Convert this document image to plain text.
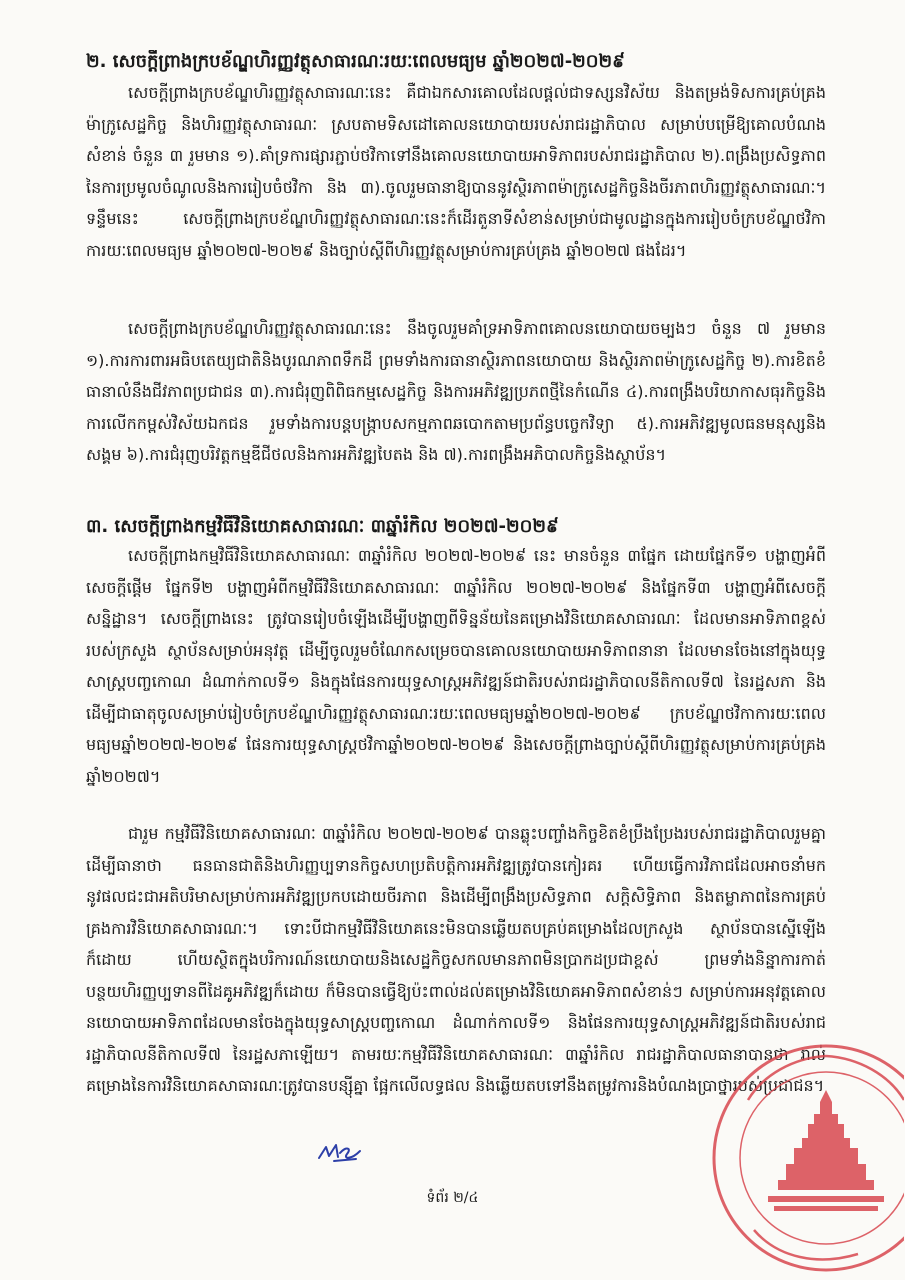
២. សេចក្ដីព្រាងក្របខ័ណ្ឌហិរញ្ញវត្ថុសាធារណៈរយៈពេលមធ្យម ឆ្នាំ២០២៧-២០២៩
សេចក្ដីព្រាងក្របខ័ណ្ឌហិរញ្ញវត្ថុសាធារណៈនេះ គឺជាឯកសារគោលដែលផ្ដល់ជាទស្សនវិស័យ និងតម្រង់ទិសការគ្រប់គ្រងម៉ាក្រូសេដ្ឋកិច្ច និងហិរញ្ញវត្ថុសាធារណៈ ស្របតាមទិសដៅគោលនយោបាយរបស់រាជរដ្ឋាភិបាល សម្រាប់បម្រើឱ្យគោលបំណងសំខាន់ ចំនួន ៣ រួមមាន ១).គាំទ្រការផ្សារភ្ជាប់ថវិកាទៅនឹងគោលនយោបាយអាទិភាពរបស់រាជរដ្ឋាភិបាល ២).ពង្រឹងប្រសិទ្ធភាពនៃការប្រមូលចំណូលនិងការរៀបចំថវិកា និង ៣).ចូលរួមធានាឱ្យបាននូវស្ថិរភាពម៉ាក្រូសេដ្ឋកិច្ចនិងចីរភាពហិរញ្ញវត្ថុសាធារណៈ។ ទន្ទឹមនេះ សេចក្ដីព្រាងក្របខ័ណ្ឌហិរញ្ញវត្ថុសាធារណៈនេះក៏ដើរតួនាទីសំខាន់សម្រាប់ជាមូលដ្ឋានក្នុងការរៀបចំក្របខ័ណ្ឌថវិកាការយៈពេលមធ្យម ឆ្នាំ២០២៧-២០២៩ និងច្បាប់ស្ដីពីហិរញ្ញវត្ថុសម្រាប់ការគ្រប់គ្រង ឆ្នាំ២០២៧ ផងដែរ។
សេចក្ដីព្រាងក្របខ័ណ្ឌហិរញ្ញវត្ថុសាធារណៈនេះ នឹងចូលរួមគាំទ្រអាទិភាពគោលនយោបាយចម្បងៗ ចំនួន ៧ រួមមាន ១).ការការពារអធិបតេយ្យជាតិនិងបូរណភាពទឹកដី ព្រមទាំងការធានាស្ថិរភាពនយោបាយ និងស្ថិរភាពម៉ាក្រូសេដ្ឋកិច្ច ២).ការខិតខំធានាលំនឹងជីវភាពប្រជាជន ៣).ការជំរុញពិពិធកម្មសេដ្ឋកិច្ច និងការអភិវឌ្ឍប្រភពថ្មីនៃកំណើន ៤).ការពង្រឹងបរិយាកាសធុរកិច្ចនិងការលើកកម្ពស់វិស័យឯកជន រួមទាំងការបន្តបង្ក្រាបសកម្មភាពឆបោកតាមប្រព័ន្ធបច្ចេកវិទ្យា ៥).ការអភិវឌ្ឍមូលធនមនុស្សនិងសង្គម ៦).ការជំរុញបរិវត្តកម្មឌីជីថលនិងការអភិវឌ្ឍបៃតង និង ៧).ការពង្រឹងអភិបាលកិច្ចនិងស្ថាប័ន។
៣. សេចក្ដីព្រាងកម្មវិធីវិនិយោគសាធារណៈ ៣ឆ្នាំរំកិល ២០២៧-២០២៩
សេចក្ដីព្រាងកម្មវិធីវិនិយោគសាធារណៈ ៣ឆ្នាំរំកិល ២០២៧-២០២៩ នេះ មានចំនួន ៣ផ្នែក ដោយផ្នែកទី១ បង្ហាញអំពីសេចក្ដីផ្ដើម ផ្នែកទី២ បង្ហាញអំពីកម្មវិធីវិនិយោគសាធារណៈ ៣ឆ្នាំរំកិល ២០២៧-២០២៩ និងផ្នែកទី៣ បង្ហាញអំពីសេចក្ដីសន្និដ្ឋាន។ សេចក្ដីព្រាងនេះ ត្រូវបានរៀបចំឡើងដើម្បីបង្ហាញពីទិន្នន័យនៃគម្រោងវិនិយោគសាធារណៈ ដែលមានអាទិភាពខ្ពស់របស់ក្រសួង ស្ថាប័នសម្រាប់អនុវត្ត ដើម្បីចូលរួមចំណែកសម្រេចបានគោលនយោបាយអាទិភាពនានា ដែលមានចែងនៅក្នុងយុទ្ធសាស្ត្របញ្ចកោណ ដំណាក់កាលទី១ និងក្នុងផែនការយុទ្ធសាស្ត្រអភិវឌ្ឍន៍ជាតិរបស់រាជរដ្ឋាភិបាលនីតិកាលទី៧ នៃរដ្ឋសភា និងដើម្បីជាធាតុចូលសម្រាប់រៀបចំក្របខ័ណ្ឌហិរញ្ញវត្ថុសាធារណៈរយៈពេលមធ្យមឆ្នាំ២០២៧-២០២៩ ក្របខ័ណ្ឌថវិកាការយៈពេលមធ្យមឆ្នាំ២០២៧-២០២៩ ផែនការយុទ្ធសាស្ត្រថវិកាឆ្នាំ២០២៧-២០២៩ និងសេចក្ដីព្រាងច្បាប់ស្ដីពីហិរញ្ញវត្ថុសម្រាប់ការគ្រប់គ្រងឆ្នាំ២០២៧។
ជារួម កម្មវិធីវិនិយោគសាធារណៈ ៣ឆ្នាំរំកិល ២០២៧-២០២៩ បានឆ្លុះបញ្ចាំងកិច្ចខិតខំប្រឹងប្រែងរបស់រាជរដ្ឋាភិបាលរួមគ្នា ដើម្បីធានាថា ធនធានជាតិនិងហិរញ្ញប្បទានកិច្ចសហប្រតិបត្តិការអភិវឌ្ឍត្រូវបានកៀរគរ ហើយធ្វើការវិភាជដែលអាចនាំមកនូវផលជះជាអតិបរិមាសម្រាប់ការអភិវឌ្ឍប្រកបដោយចីរភាព និងដើម្បីពង្រឹងប្រសិទ្ធភាព សក្តិសិទ្ធិភាព និងតម្លាភាពនៃការគ្រប់គ្រងការវិនិយោគសាធារណៈ។ ទោះបីជាកម្មវិធីវិនិយោគនេះមិនបានឆ្លើយតបគ្រប់គម្រោងដែលក្រសួង ស្ថាប័នបានស្នើឡើងក៏ដោយ ហើយស្ថិតក្នុងបរិការណ៍នយោបាយនិងសេដ្ឋកិច្ចសកលមានភាពមិនប្រាកដប្រជាខ្ពស់ ព្រមទាំងនិន្នាការកាត់បន្ថយហិរញ្ញប្បទានពីដៃគូអភិវឌ្ឍក៏ដោយ ក៏មិនបានធ្វើឱ្យប៉ះពាល់ដល់គម្រោងវិនិយោគអាទិភាពសំខាន់ៗ សម្រាប់ការអនុវត្តគោលនយោបាយអាទិភាពដែលមានចែងក្នុងយុទ្ធសាស្ត្របញ្ចកោណ ដំណាក់កាលទី១ និងផែនការយុទ្ធសាស្ត្រអភិវឌ្ឍន៍ជាតិរបស់រាជរដ្ឋាភិបាលនីតិកាលទី៧ នៃរដ្ឋសភាឡើយ។ តាមរយៈកម្មវិធីវិនិយោគសាធារណៈ ៣ឆ្នាំរំកិល រាជរដ្ឋាភិបាលធានាបានថា រាល់គម្រោងនៃការវិនិយោគសាធារណៈត្រូវបានបន្សុីគ្នា ផ្អែកលើលទ្ធផល និងឆ្លើយតបទៅនឹងតម្រូវការនិងបំណងប្រាថ្នារបស់ប្រជាជន។
ទំព័រ ២/៤
